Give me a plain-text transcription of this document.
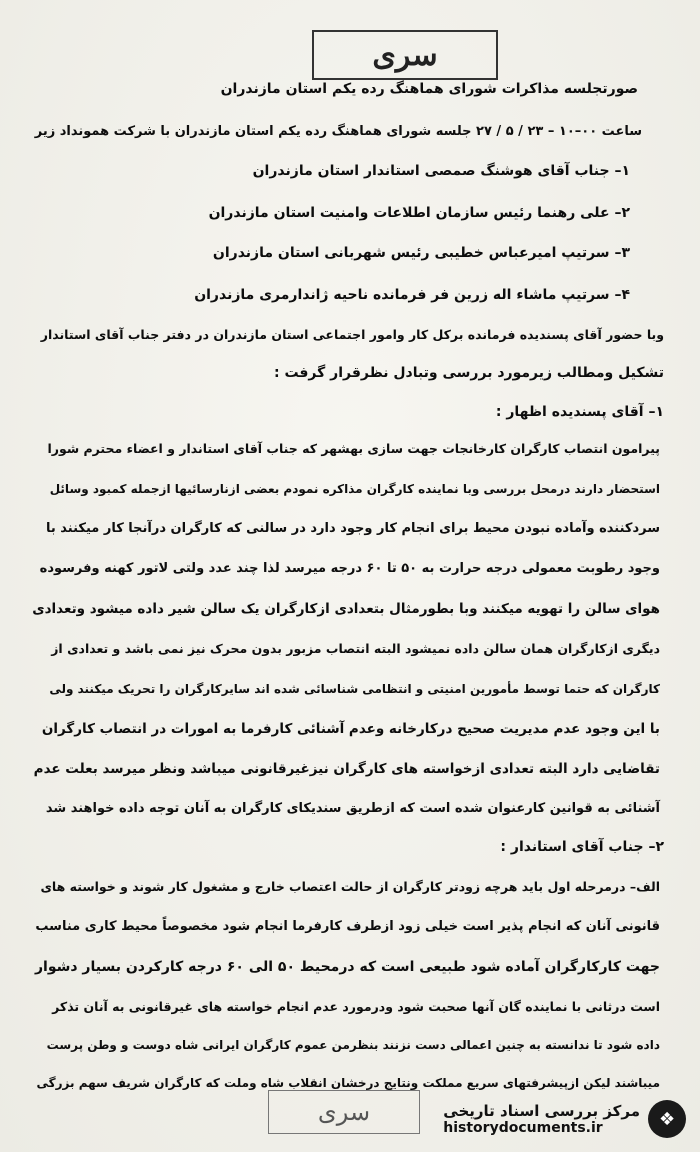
سری
صورتجلسه مذاکرات شورای هماهنگ رده یکم استان مازندران
ساعت ۰۰–۱۰ – ۲۳ / ۵ / ۲۷ جلسه شورای هماهنگ رده یکم استان مازندران با شرکت همونداد زیر
۱– جناب آقای هوشنگ صمصی استاندار استان مازندران
۲– علی رهنما رئیس سازمان اطلاعات وامنیت استان مازندران
۳– سرتیپ امیرعباس خطیبی رئیس شهربانی استان مازندران
۴– سرتیپ ماشاء اله زرین فر فرمانده ناحیه ژاندارمری مازندران
وبا حضور آقای پسندیده فرمانده برکل کار وامور اجتماعی استان مازندران در دفتر جناب آقای استاندار
تشکیل ومطالب زیرمورد بررسی وتبادل نظرقرار گرفت :
۱– آقای پسندیده اظهار :
پیرامون انتصاب کارگران کارخانجات جهت سازی بهشهر که جناب آقای استاندار و اعضاء محترم شورا
استحضار دارند درمحل بررسی وبا نماینده کارگران مذاکره نمودم بعضی ازنارسائیها ازجمله کمبود وسائل
سردکننده وآماده نبودن محیط برای انجام کار وجود دارد در سالنی که کارگران درآنجا کار میکنند با
وجود رطوبت معمولی درجه حرارت به ۵۰ تا ۶۰ درجه میرسد لذا چند عدد ولتی لاتور کهنه وفرسوده
هوای سالن را تهویه میکنند وبا بطورمثال بتعدادی ازکارگران یک سالن شیر داده میشود وتعدادی
دیگری ازکارگران همان سالن داده نمیشود البته انتصاب مزبور بدون محرک نیز نمی باشد و تعدادی از
کارگران که حتما توسط مأمورین امنیتی و انتظامی شناسائی شده اند سایرکارگران را تحریک میکنند ولی
با این وجود عدم مدیریت صحیح درکارخانه وعدم آشنائی کارفرما به امورات در انتصاب کارگران
تقاضایی دارد البته تعدادی ازخواسته های کارگران نیزغیرقانونی میباشد ونظر میرسد بعلت عدم
آشنائی به قوانین کارعنوان شده است که ازطریق سندیکای کارگران به آنان توجه داده خواهند شد
۲– جناب آقای استاندار :
الف– درمرحله اول باید هرچه زودتر کارگران از حالت اعتصاب خارج و مشغول کار شوند و خواسته های
قانونی آنان که انجام پذیر است خیلی زود ازطرف کارفرما انجام شود مخصوصاً محیط کاری مناسب
جهت کارکارگران آماده شود طبیعی است که درمحیط ۵۰ الی ۶۰ درجه کارکردن بسیار دشوار
است درثانی با نماینده گان آنها صحبت شود ودرمورد عدم انجام خواسته های غیرقانونی به آنان تذکر
داده شود تا ندانسته به چنین اعمالی دست نزنند بنظرمن عموم کارگران ایرانی شاه دوست و وطن پرست
میباشند لیکن ازپیشرفتهای سریع مملکت ونتایج درخشان انقلاب شاه وملت که کارگران شریف سهم بزرگی
سری	❖
مرکز بررسی اسناد تاریخی
historydocuments.ir
